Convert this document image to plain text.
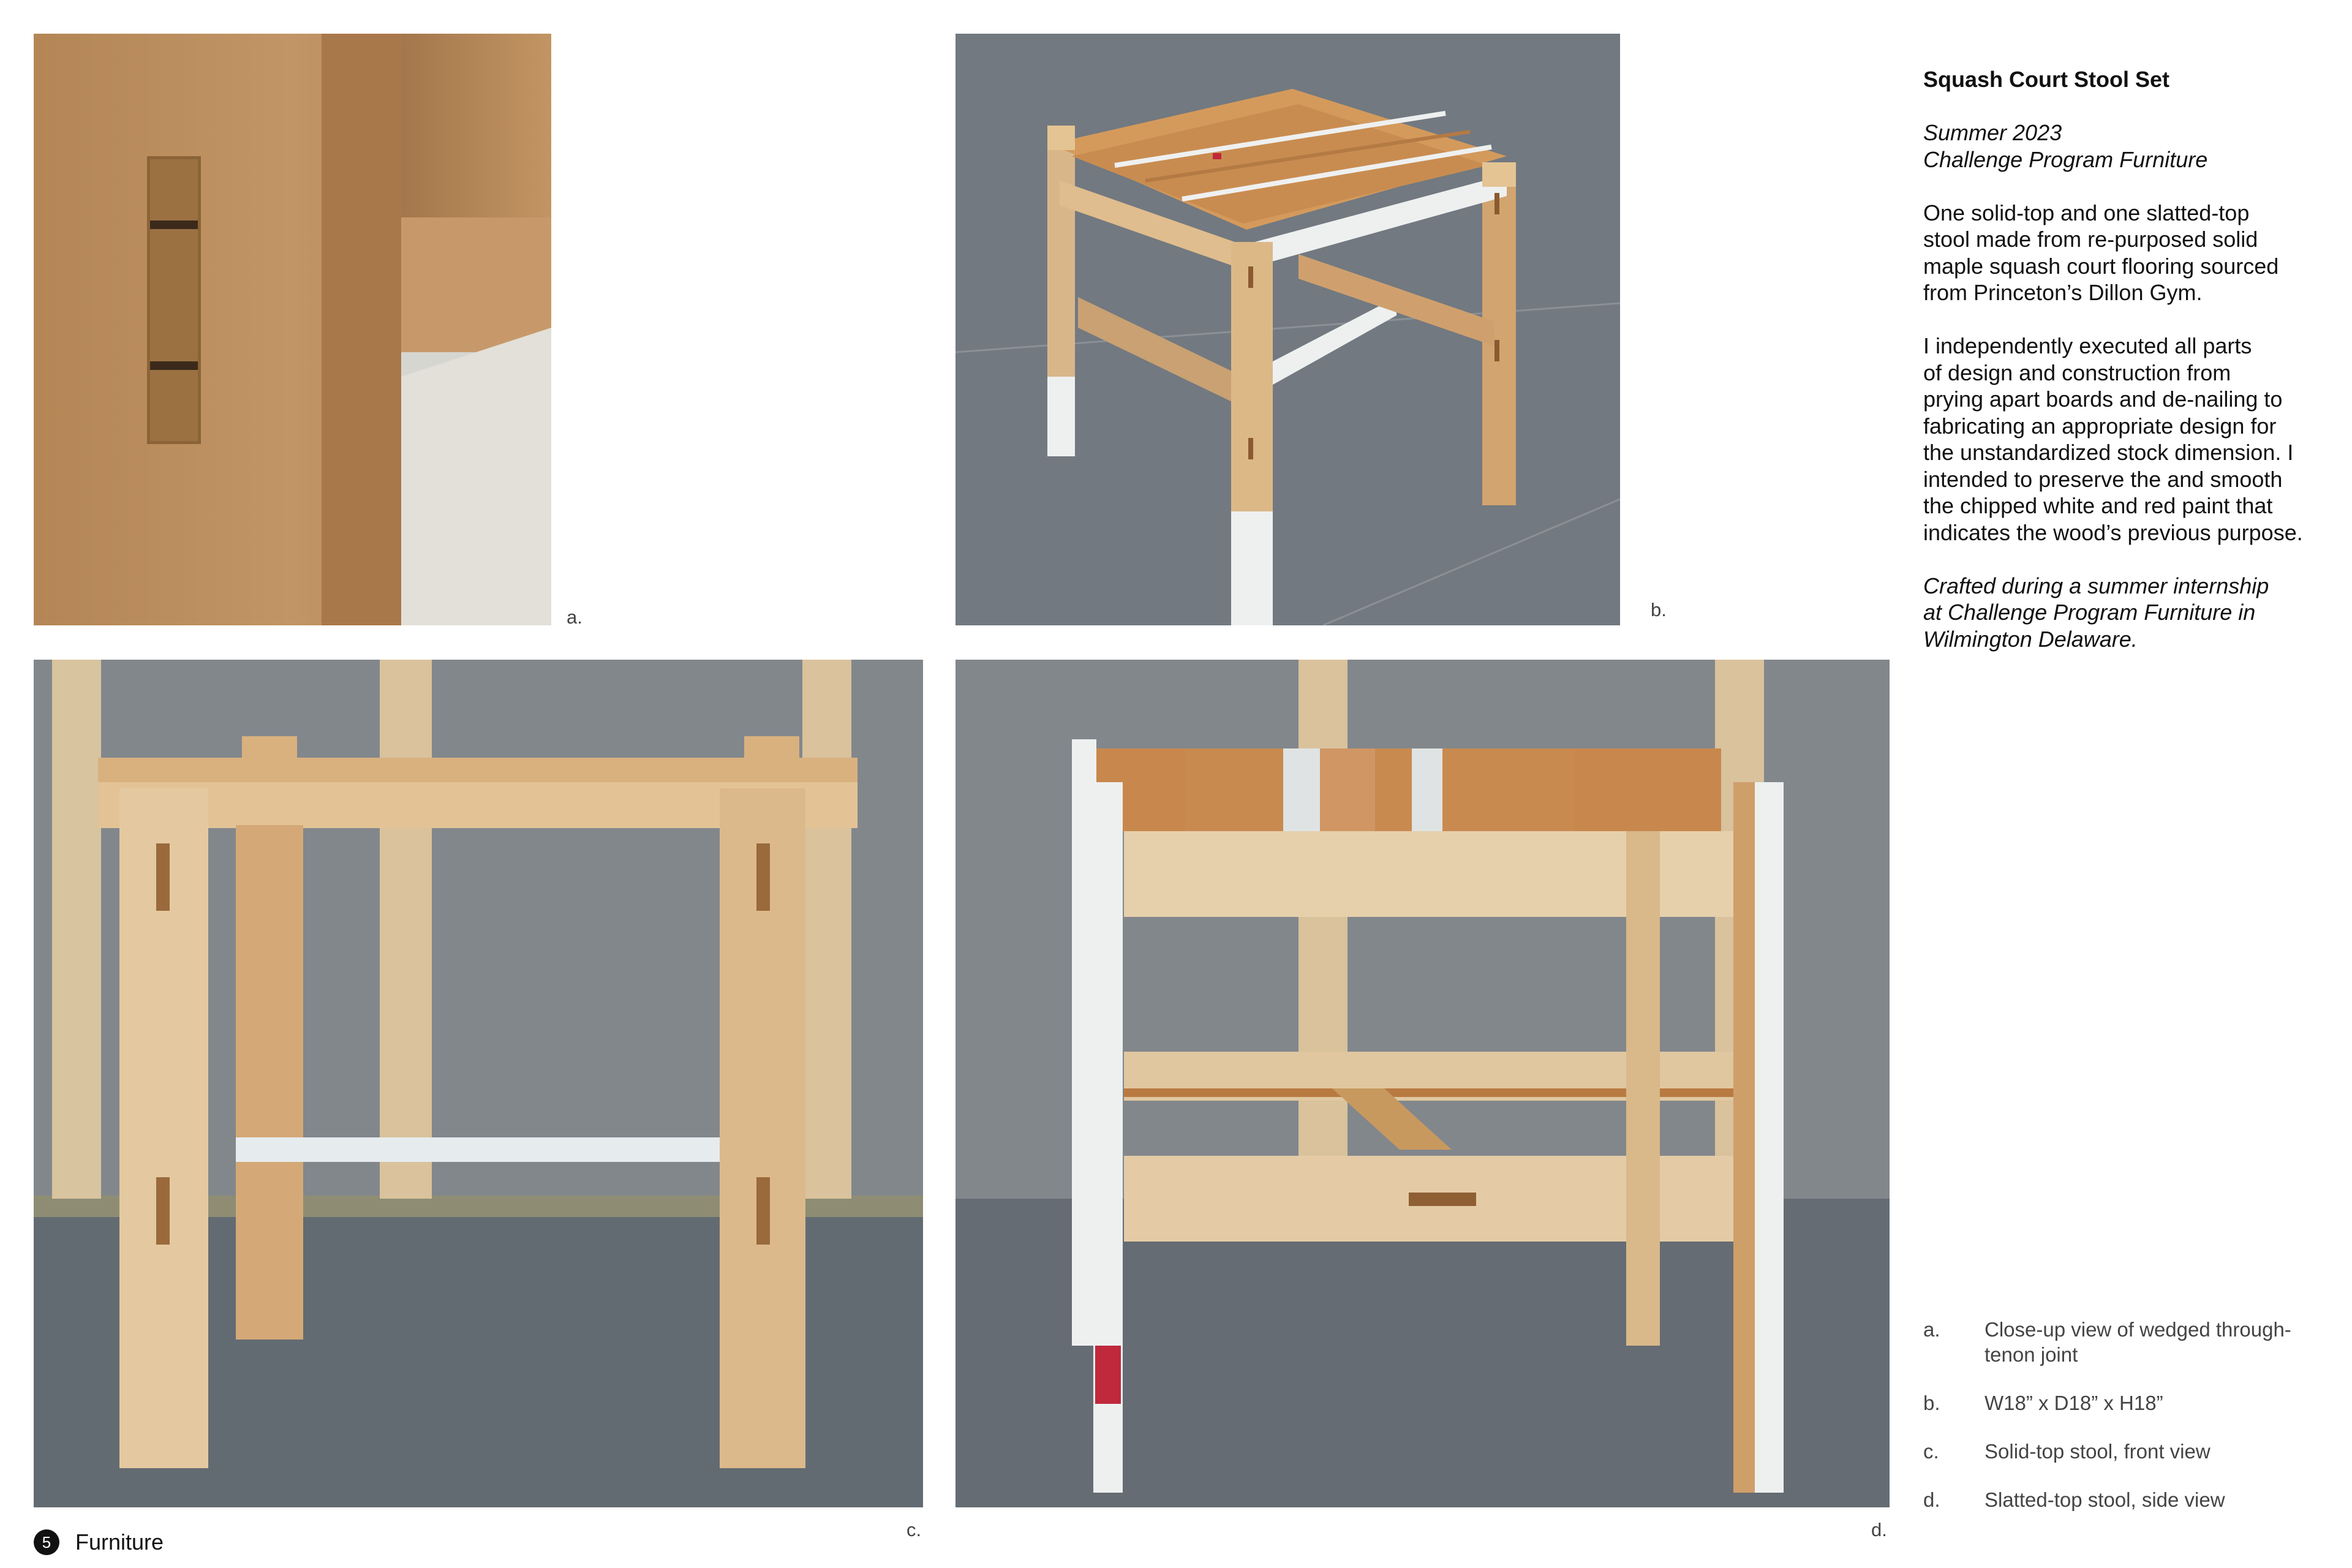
a.	b.
c.	d.

Squash Court Stool Set

Summer 2023
Challenge Program Furniture

One solid-top and one slatted-top
stool made from re-purposed solid
maple squash court flooring sourced
from Princeton’s Dillon Gym.

I independently executed all parts
of design and construction from
prying apart boards and de-nailing to
fabricating an appropriate design for
the unstandardized stock dimension. I
intended to preserve the and smooth
the chipped white and red paint that
indicates the wood’s previous purpose.

Crafted during a summer internship
at Challenge Program Furniture in
Wilmington Delaware.

a.	Close-up view of wedged through-
tenon joint
b.	W18” x D18” x H18”
c.	Solid-top stool, front view
d.	Slatted-top stool, side view
5	Furniture
